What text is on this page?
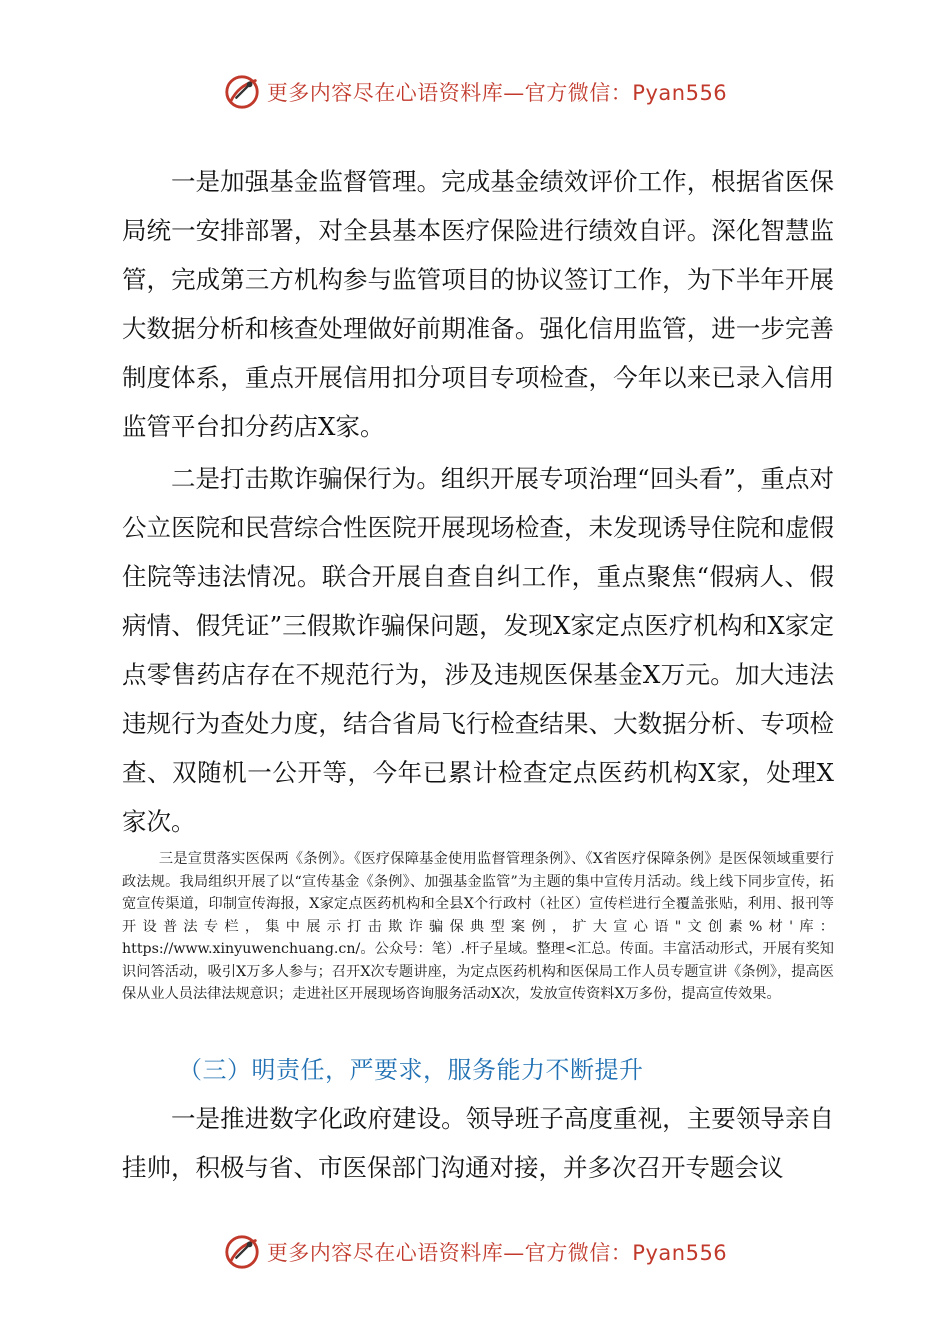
更多内容尽在心语资料库—官方微信：Pyan556

一是加强基金监督管理。完成基金绩效评价工作，根据省医保局统一安排部署，对全县基本医疗保险进行绩效自评。深化智慧监管，完成第三方机构参与监管项目的协议签订工作，为下半年开展大数据分析和核查处理做好前期准备。强化信用监管，进一步完善制度体系，重点开展信用扣分项目专项检查，今年以来已录入信用监管平台扣分药店X家。

二是打击欺诈骗保行为。组织开展专项治理“回头看”，重点对公立医院和民营综合性医院开展现场检查，未发现诱导住院和虚假住院等违法情况。联合开展自查自纠工作，重点聚焦“假病人、假病情、假凭证”三假欺诈骗保问题，发现X家定点医疗机构和X家定点零售药店存在不规范行为，涉及违规医保基金X万元。加大违法违规行为查处力度，结合省局飞行检查结果、大数据分析、专项检查、双随机一公开等，今年已累计检查定点医药机构X家，处理X家次。

三是宣贯落实医保两《条例》。《医疗保障基金使用监督管理条例》、《X省医疗保障条例》是医保领域重要行政法规。我局组织开展了以“宣传基金《条例》、加强基金监管”为主题的集中宣传月活动。线上线下同步宣传，拓宽宣传渠道，印制宣传海报，X家定点医药机构和全县X个行政村（社区）宣传栏进行全覆盖张贴，利用、报刊等开设普法专栏，集中展示打击欺诈骗保典型案例，扩大宣心语"文创素%材'库：https://www.xinyuwenchuang.cn/。公众号：笔）.杆子星域。整理<汇总。传面。丰富活动形式，开展有奖知识问答活动，吸引X万多人参与；召开X次专题讲座，为定点医药机构和医保局工作人员专题宣讲《条例》，提高医保从业人员法律法规意识；走进社区开展现场咨询服务活动X次，发放宣传资料X万多份，提高宣传效果。

（三）明责任，严要求，服务能力不断提升

一是推进数字化政府建设。领导班子高度重视，主要领导亲自挂帅，积极与省、市医保部门沟通对接，并多次召开专题会议

更多内容尽在心语资料库—官方微信：Pyan556
